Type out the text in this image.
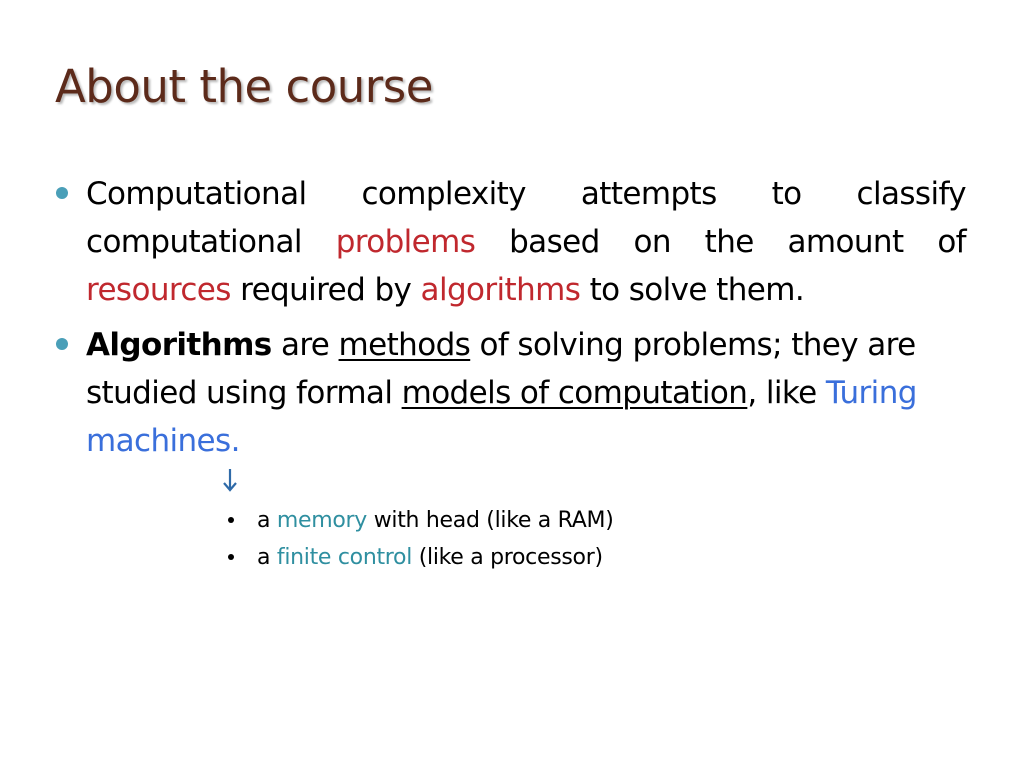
About the course
Computational complexity attempts to classify
computational problems based on the amount of
resources required by algorithms to solve them.
Algorithms are methods of solving problems; they are studied using formal models of computation, like Turing machines.
a memory with head (like a RAM)
a finite control (like a processor)
